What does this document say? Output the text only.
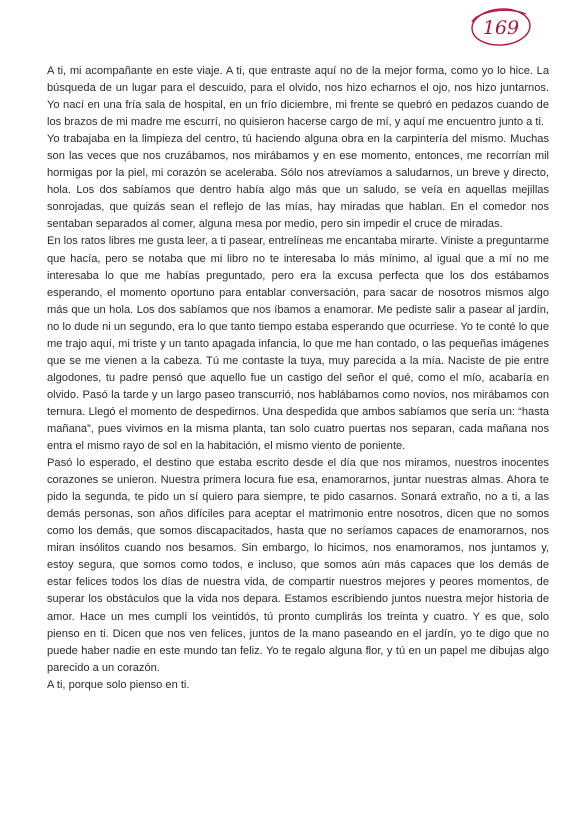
169

A ti, mi acompañante en este viaje. A ti, que entraste aquí no de la mejor forma, como yo lo hice. La búsqueda de un lugar para el descuido, para el olvido, nos hizo echarnos el ojo, nos hizo juntarnos. Yo nací en una fría sala de hospital, en un frío diciembre, mi frente se quebró en pedazos cuando de los brazos de mi madre me escurrí, no quisieron hacerse cargo de mí, y aquí me encuentro junto a ti.

Yo trabajaba en la limpieza del centro, tú haciendo alguna obra en la carpintería del mismo. Muchas son las veces que nos cruzábamos, nos mirábamos y en ese momento, entonces, me recorrían mil hormigas por la piel, mi corazón se aceleraba. Sólo nos atrevíamos a saludarnos, un breve y directo, hola. Los dos sabíamos que dentro había algo más que un saludo, se veía en aquellas mejillas sonrojadas, que quizás sean el reflejo de las mías, hay miradas que hablan. En el comedor nos sentaban separados al comer, alguna mesa por medio, pero sin impedir el cruce de miradas.

En los ratos libres me gusta leer, a ti pasear, entrelíneas me encantaba mirarte. Viniste a preguntarme que hacía, pero se notaba que mi libro no te interesaba lo más mínimo, al igual que a mí no me interesaba lo que me habías preguntado, pero era la excusa perfecta que los dos estábamos esperando, el momento oportuno para entablar conversación, para sacar de nosotros mismos algo más que un hola. Los dos sabíamos que nos íbamos a enamorar. Me pediste salir a pasear al jardín, no lo dude ni un segundo, era lo que tanto tiempo estaba esperando que ocurriese. Yo te conté lo que me trajo aquí, mi triste y un tanto apagada infancia, lo que me han contado, o las pequeñas imágenes que se me vienen a la cabeza. Tú me contaste la tuya, muy parecida a la mía. Naciste de pie entre algodones, tu padre pensó que aquello fue un castigo del señor el qué, como el mío, acabaría en olvido. Pasó la tarde y un largo paseo transcurrió, nos hablábamos como novios, nos mirábamos con ternura. Llegó el momento de despedirnos. Una despedida que ambos sabíamos que sería un: “hasta mañana”, pues vivimos en la misma planta, tan solo cuatro puertas nos separan, cada mañana nos entra el mismo rayo de sol en la habitación, el mismo viento de poniente.

Pasó lo esperado, el destino que estaba escrito desde el día que nos miramos, nuestros inocentes corazones se unieron. Nuestra primera locura fue esa, enamorarnos, juntar nuestras almas. Ahora te pido la segunda, te pido un sí quiero para siempre, te pido casarnos. Sonará extraño, no a ti, a las demás personas, son años difíciles para aceptar el matrimonio entre nosotros, dicen que no somos como los demás, que somos discapacitados, hasta que no seríamos capaces de enamorarnos, nos miran insólitos cuando nos besamos. Sin embargo, lo hicimos, nos enamoramos, nos juntamos y, estoy segura, que somos como todos, e incluso, que somos aún más capaces que los demás de estar felices todos los días de nuestra vida, de compartir nuestros mejores y peores momentos, de superar los obstáculos que la vida nos depara. Estamos escribiendo juntos nuestra mejor historia de amor. Hace un mes cumplí los veintidós, tú pronto cumplirás los treinta y cuatro. Y es que, solo pienso en ti. Dicen que nos ven felices, juntos de la mano paseando en el jardín, yo te digo que no puede haber nadie en este mundo tan feliz. Yo te regalo alguna flor, y tú en un papel me dibujas algo parecido a un corazón.

A ti, porque solo pienso en ti.
